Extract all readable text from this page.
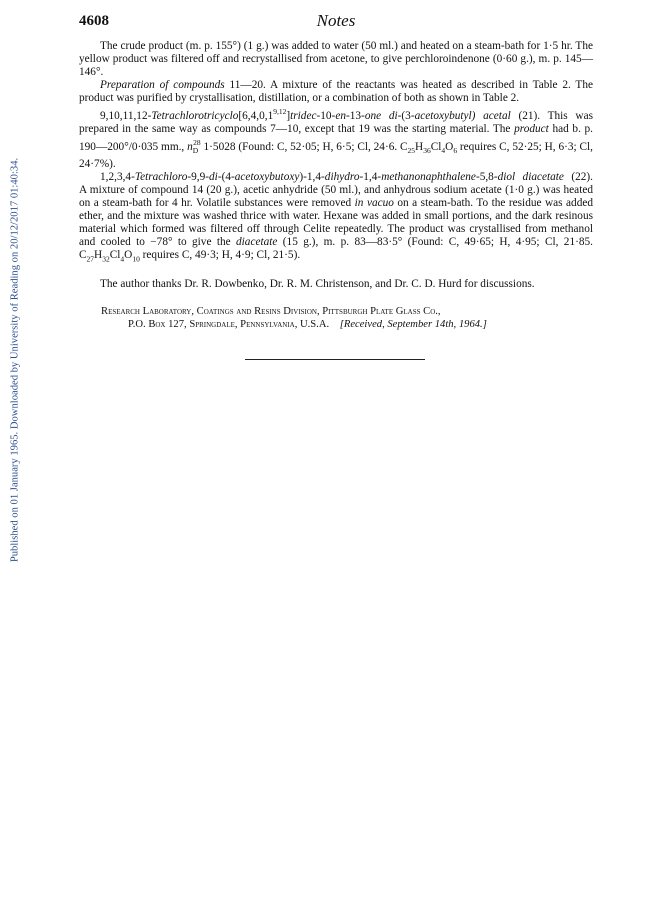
Published on 01 January 1965. Downloaded by University of Reading on 20/12/2017 01:40:34.
4608	Notes

The crude product (m. p. 155°) (1 g.) was added to water (50 ml.) and heated on a steam-bath for 1·5 hr. The yellow product was filtered off and recrystallised from acetone, to give perchloroindenone (0·60 g.), m. p. 145—146°.

Preparation of compounds 11—20. A mixture of the reactants was heated as described in Table 2. The product was purified by crystallisation, distillation, or a combination of both as shown in Table 2.

9,10,11,12-Tetrachlorotricyclo[6,4,0,1$^{9,12}$]tridec-10-en-13-one di-(3-acetoxybutyl) acetal (21). This was prepared in the same way as compounds 7—10, except that 19 was the starting material. The product had b. p. 190—200°/0·035 mm., $n_D^{28}$ 1·5028 (Found: C, 52·05; H, 6·5; Cl, 24·6. $C_{25}H_{36}Cl_4O_6$ requires C, 52·25; H, 6·3; Cl, 24·7%).

1,2,3,4-Tetrachloro-9,9-di-(4-acetoxybutoxy)-1,4-dihydro-1,4-methanonaphthalene-5,8-diol diacetate (22). A mixture of compound 14 (20 g.), acetic anhydride (50 ml.), and anhydrous sodium acetate (1·0 g.) was heated on a steam-bath for 4 hr. Volatile substances were removed in vacuo on a steam-bath. To the residue was added ether, and the mixture was washed thrice with water. Hexane was added in small portions, and the dark resinous material which formed was filtered off through Celite repeatedly. The product was crystallised from methanol and cooled to −78° to give the diacetate (15 g.), m. p. 83—83·5° (Found: C, 49·65; H, 4·95; Cl, 21·85. $C_{27}H_{32}Cl_4O_{10}$ requires C, 49·3; H, 4·9; Cl, 21·5).

The author thanks Dr. R. Dowbenko, Dr. R. M. Christenson, and Dr. C. D. Hurd for discussions.

Research Laboratory, Coatings and Resins Division, Pittsburgh Plate Glass Co.,
P.O. Box 127, Springdale, Pennsylvania, U.S.A. [Received, September 14th, 1964.]
